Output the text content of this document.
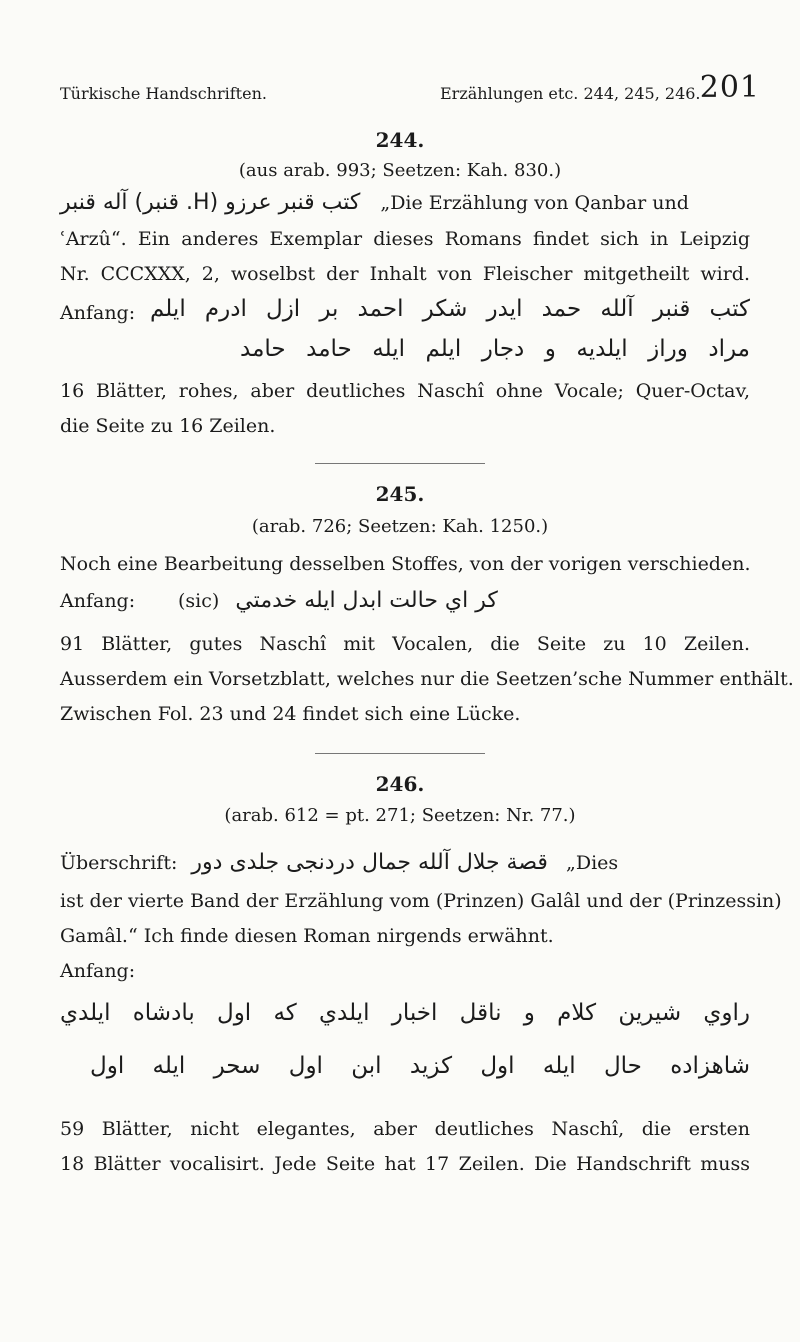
Türkische Handschriften.	Erzählungen etc. 244, 245, 246. 201
244.
(aus arab. 993; Seetzen: Kah. 830.)
كتب قنبر عرزو (H. قنبر) آله قنبر „Die Erzählung von Qanbar und
ʿArzû“. Ein anderes Exemplar dieses Romans findet sich in Leipzig
Nr. CCCXXX, 2, woselbst der Inhalt von Fleischer mitgetheilt wird.
Anfang: كتب قنبر آلله حمد ايدر شكر احمد بر ازل ادرم ايلم
مراد وراز ايلديه و دجار ايلم ايله حامد حامد
16 Blätter, rohes, aber deutliches Naschî ohne Vocale; Quer-Octav,
die Seite zu 16 Zeilen.
245.
(arab. 726; Seetzen: Kah. 1250.)
Noch eine Bearbeitung desselben Stoffes, von der vorigen verschieden.
Anfang: (sic) كر اي حالت ابدل ايله خدمتي
91 Blätter, gutes Naschî mit Vocalen, die Seite zu 10 Zeilen.
Ausserdem ein Vorsetzblatt, welches nur die Seetzen’sche Nummer enthält.
Zwischen Fol. 23 und 24 findet sich eine Lücke.
246.
(arab. 612 = pt. 271; Seetzen: Nr. 77.)
Überschrift: قصة جلال آلله جمال دردنجى جلدى دور „Dies
ist der vierte Band der Erzählung vom (Prinzen) Galâl und der (Prinzessin)
Gamâl.“ Ich finde diesen Roman nirgends erwähnt.
Anfang:
راوي شيرين كلام و ناقل اخبار ايلدي كه اول بادشاه ايلدي
شاهزاده حال ايله اول كزيد ابن اول سحر ايله اول
59 Blätter, nicht elegantes, aber deutliches Naschî, die ersten
18 Blätter vocalisirt. Jede Seite hat 17 Zeilen. Die Handschrift muss
